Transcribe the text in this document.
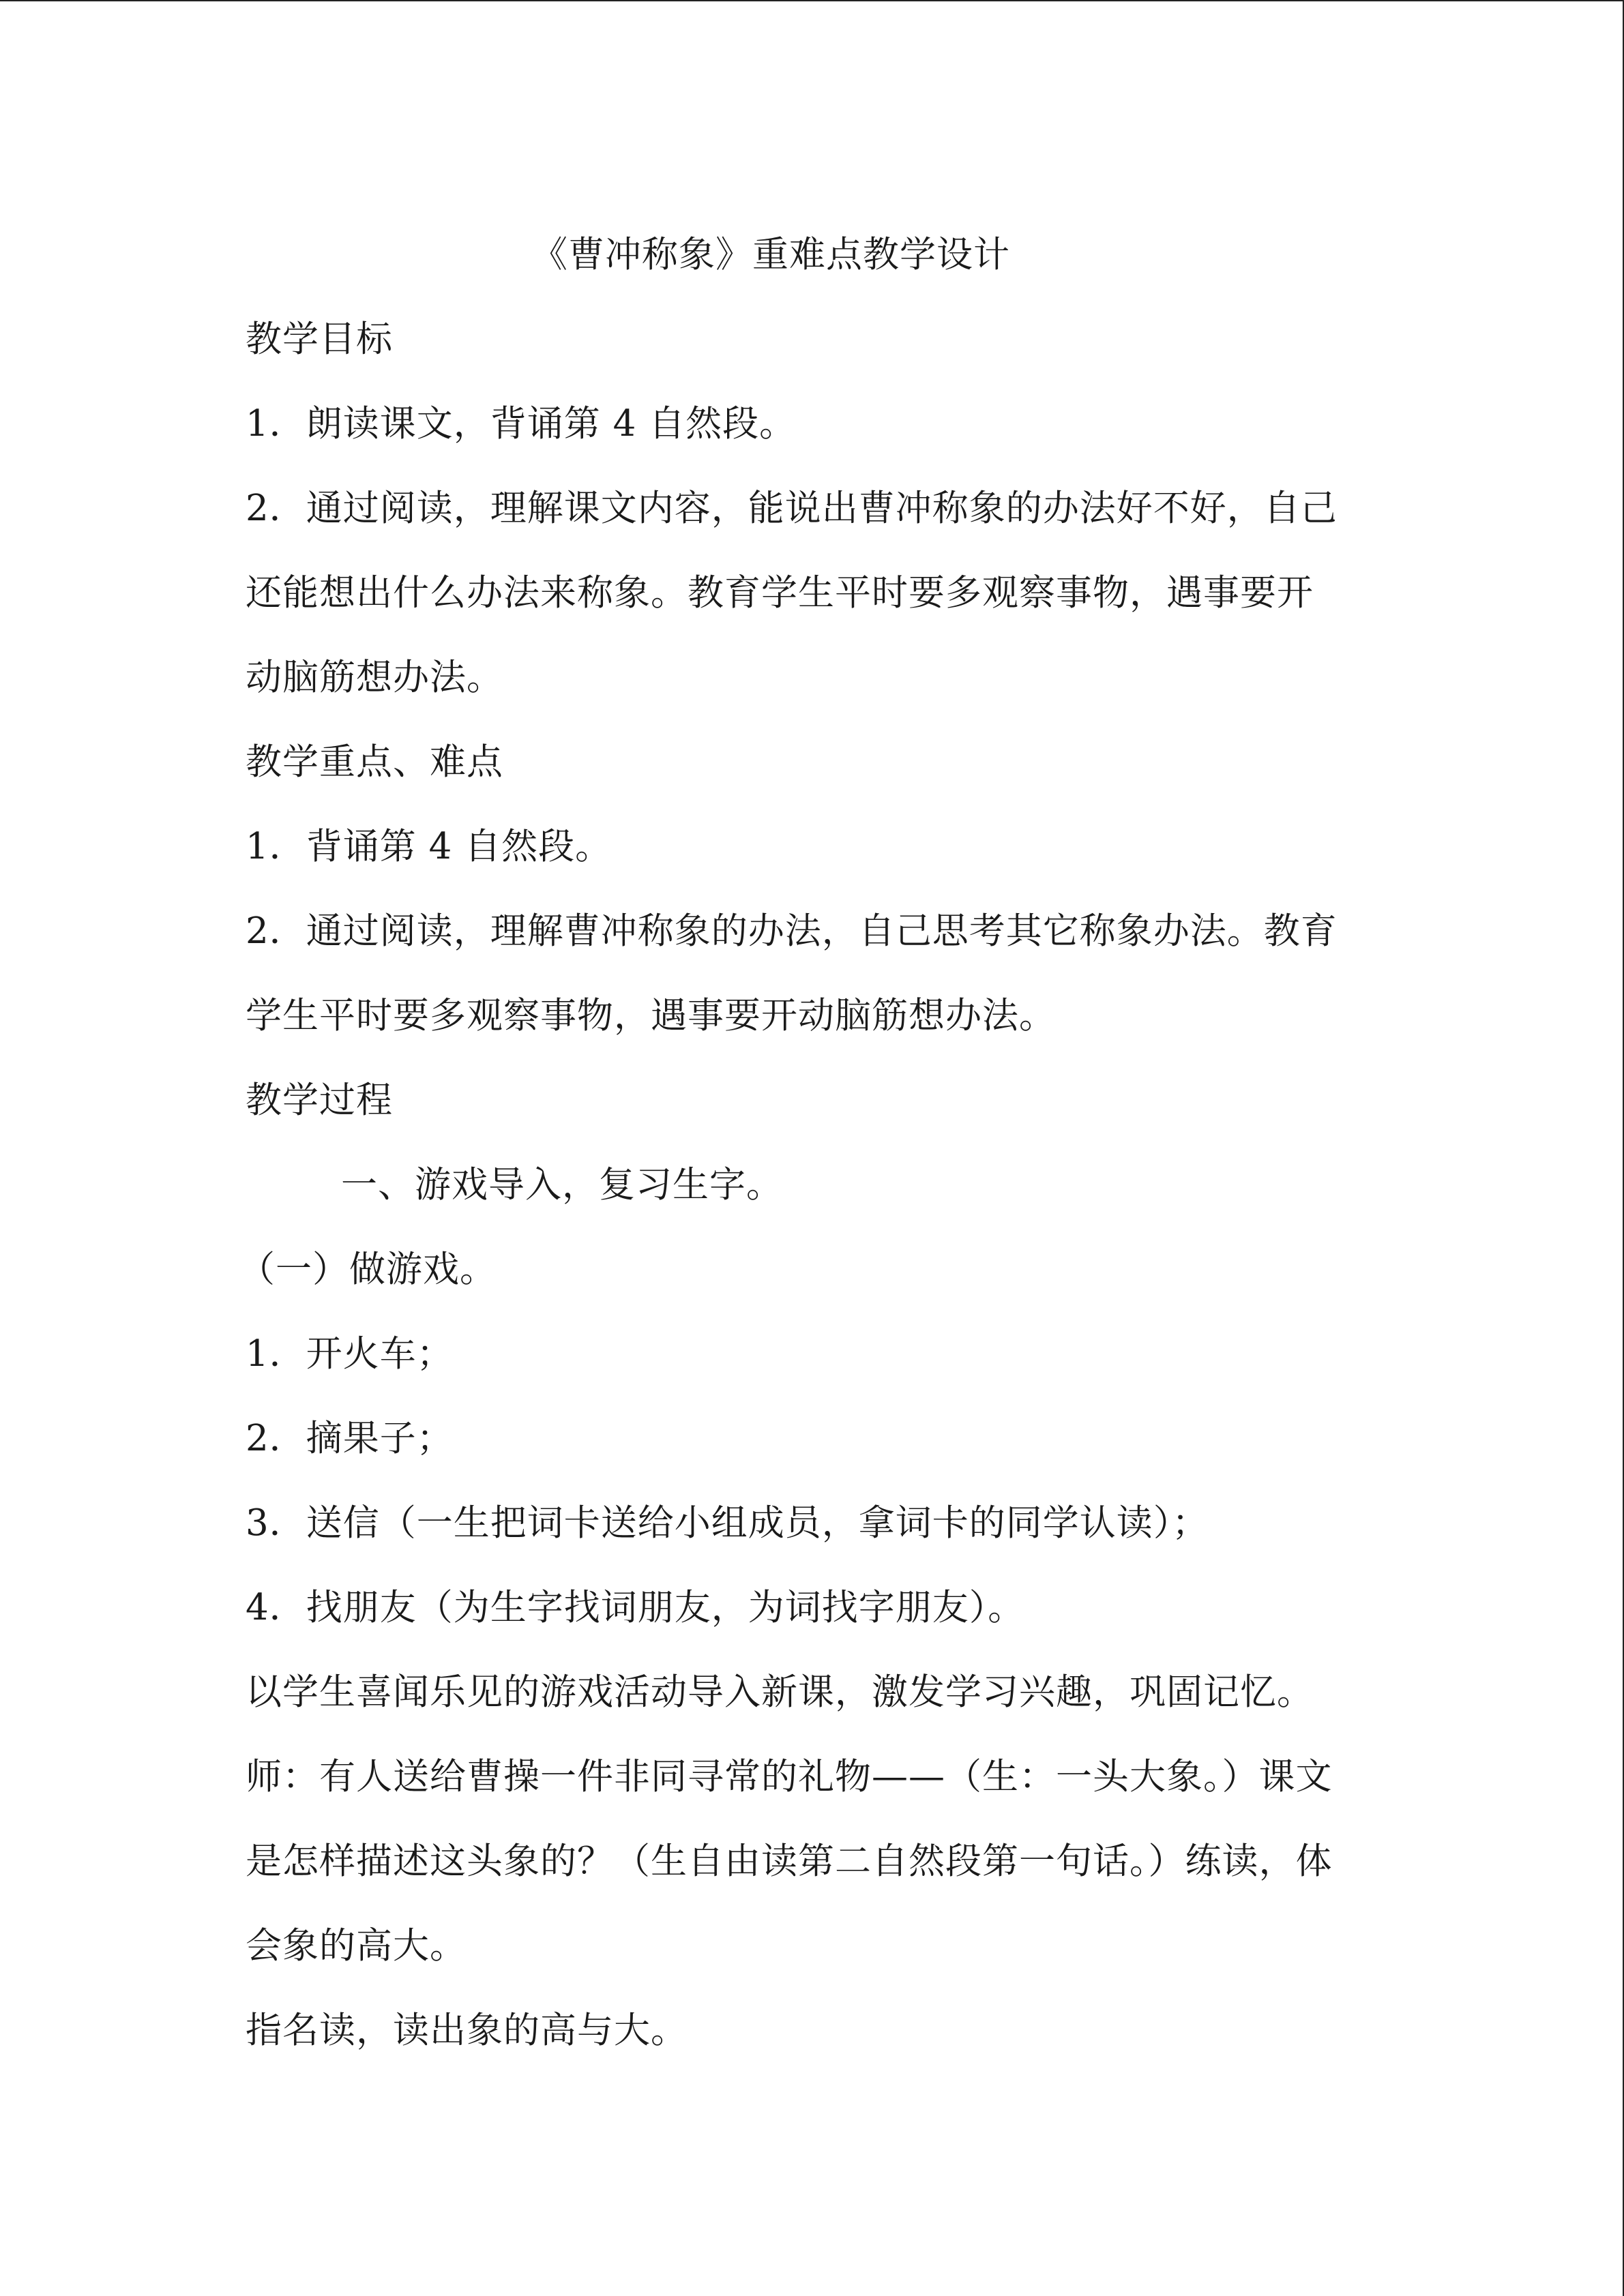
《曹冲称象》重难点教学设计
教学目标
1．朗读课文，背诵第 4 自然段。
2．通过阅读，理解课文内容，能说出曹冲称象的办法好不好，自己
还能想出什么办法来称象。教育学生平时要多观察事物，遇事要开
动脑筋想办法。
教学重点、难点
1．背诵第 4 自然段。
2．通过阅读，理解曹冲称象的办法，自己思考其它称象办法。教育
学生平时要多观察事物，遇事要开动脑筋想办法。
教学过程
一、游戏导入，复习生字。
（一）做游戏。
1．开火车；
2．摘果子；
3．送信（一生把词卡送给小组成员，拿词卡的同学认读）；
4．找朋友（为生字找词朋友，为词找字朋友）。
以学生喜闻乐见的游戏活动导入新课，激发学习兴趣，巩固记忆。
师：有人送给曹操一件非同寻常的礼物——（生：一头大象。）课文
是怎样描述这头象的？（生自由读第二自然段第一句话。）练读，体
会象的高大。
指名读，读出象的高与大。
